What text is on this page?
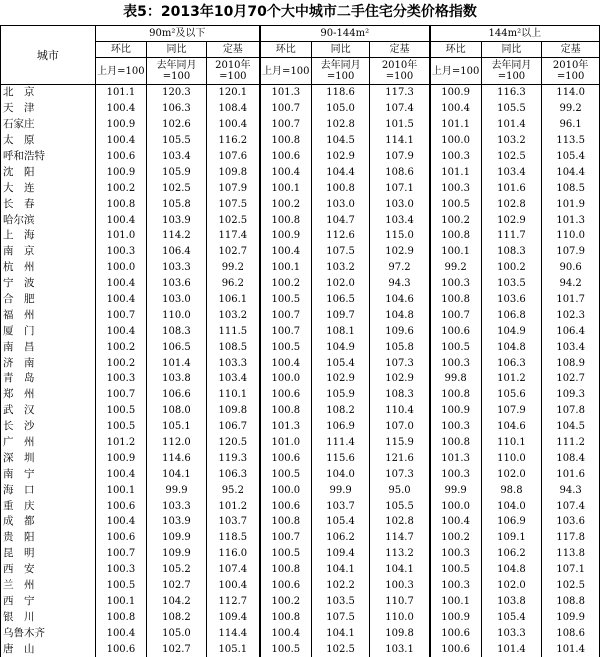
表5：2013年10月70个大中城市二手住宅分类价格指数
城市	90m²及以下			90-144m²			144m²以上		
	环比	同比	定基	环比	同比	定基	环比	同比	定基
	上月=100	去年同月=100	2010年=100	上月=100	去年同月=100	2010年=100	上月=100	去年同月=100	2010年=100
北　京	101.1	120.3	120.1	101.3	118.6	117.3	100.9	116.3	114.0
天　津	100.4	106.3	108.4	100.7	105.0	107.4	100.4	105.5	99.2
石家庄	100.9	102.6	100.4	100.7	102.8	101.5	101.1	101.4	96.1
太　原	100.4	105.5	116.2	100.8	104.5	114.1	100.0	103.2	113.5
呼和浩特	100.6	103.4	107.6	100.6	102.9	107.9	100.3	102.5	105.4
沈　阳	100.9	105.9	109.8	100.4	104.4	108.6	101.1	103.4	104.4
大　连	100.2	102.5	107.9	100.1	100.8	107.1	100.3	101.6	108.5
长　春	100.8	105.8	107.5	100.2	103.0	103.0	100.5	102.8	101.9
哈尔滨	100.4	103.9	102.5	100.8	104.7	103.4	100.2	102.9	101.3
上　海	101.0	114.2	117.4	100.9	112.6	115.0	100.8	111.7	110.0
南　京	100.3	106.4	102.7	100.4	107.5	102.9	100.1	108.3	107.9
杭　州	100.0	103.3	99.2	100.1	103.2	97.2	99.2	100.2	90.6
宁　波	100.4	103.6	96.2	100.2	102.0	94.3	100.3	103.5	94.2
合　肥	100.4	103.0	106.1	100.5	106.5	104.6	100.8	103.6	101.7
福　州	100.7	110.0	103.2	100.7	109.7	104.8	100.7	106.8	102.3
厦　门	100.4	108.3	111.5	100.7	108.1	109.6	100.6	104.9	106.4
南　昌	100.2	106.5	108.5	100.5	104.9	105.8	100.5	104.8	103.4
济　南	100.2	101.4	103.3	100.4	105.4	107.3	100.3	106.3	108.9
青　岛	100.3	103.8	103.4	100.0	102.9	102.9	99.8	101.2	102.7
郑　州	100.7	106.6	110.1	100.6	105.9	108.3	100.8	105.6	109.3
武　汉	100.5	108.0	109.8	100.8	108.2	110.4	100.9	107.9	107.8
长　沙	100.5	105.1	106.7	101.3	106.9	107.0	100.3	104.6	104.5
广　州	101.2	112.0	120.5	101.0	111.4	115.9	100.8	110.1	111.2
深　圳	100.9	114.6	119.3	100.6	115.6	121.6	101.3	110.0	108.4
南　宁	100.4	104.1	106.3	100.5	104.0	107.3	100.3	102.0	101.6
海　口	100.1	99.9	95.2	100.0	99.9	95.0	99.9	98.8	94.3
重　庆	100.6	103.3	101.2	100.6	103.7	105.5	100.0	104.0	107.4
成　都	100.4	103.9	103.7	100.8	105.4	102.8	100.4	106.9	103.6
贵　阳	100.6	109.9	118.5	100.7	106.2	114.7	100.2	109.1	117.8
昆　明	100.7	109.9	116.0	100.5	109.4	113.2	100.3	106.2	113.8
西　安	100.3	105.2	107.4	100.8	104.1	104.1	100.5	104.8	107.1
兰　州	100.5	102.7	100.4	100.6	102.2	100.3	100.3	102.0	102.5
西　宁	100.1	104.2	112.7	100.2	103.5	110.7	100.1	103.8	108.8
银　川	100.8	108.2	109.4	100.8	107.5	110.0	100.9	105.4	109.9
乌鲁木齐	100.4	105.0	114.4	100.4	104.1	109.8	100.6	103.3	108.6
唐　山	100.6	102.7	105.1	100.5	102.5	103.1	100.6	101.4	101.4
